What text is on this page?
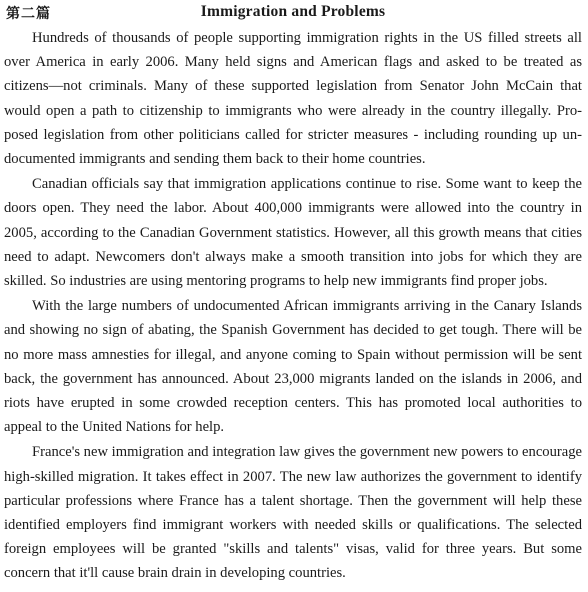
第二篇	Immigration and Problems

Hundreds of thousands of people supporting immigration rights in the US filled streets all over America in early 2006. Many held signs and American flags and asked to be treated as citizens—not criminals. Many of these supported legislation from Senator John McCain that would open a path to citizenship to immigrants who were already in the country illegally. Proposed legislation from other politicians called for stricter measures - including rounding up undocumented immigrants and sending them back to their home countries.

Canadian officials say that immigration applications continue to rise. Some want to keep the doors open. They need the labor. About 400,000 immigrants were allowed into the country in 2005, according to the Canadian Government statistics. However, all this growth means that cities need to adapt. Newcomers don't always make a smooth transition into jobs for which they are skilled. So industries are using mentoring programs to help new immigrants find proper jobs.

With the large numbers of undocumented African immigrants arriving in the Canary Islands and showing no sign of abating, the Spanish Government has decided to get tough. There will be no more mass amnesties for illegal, and anyone coming to Spain without permission will be sent back, the government has announced. About 23,000 migrants landed on the islands in 2006, and riots have erupted in some crowded reception centers. This has promoted local authorities to appeal to the United Nations for help.

France's new immigration and integration law gives the government new powers to encourage high-skilled migration. It takes effect in 2007. The new law authorizes the government to identify particular professions where France has a talent shortage. Then the government will help these identified employers find immigrant workers with needed skills or qualifications. The selected foreign employees will be granted "skills and talents" visas, valid for three years. But some concern that it'll cause brain drain in developing countries.
